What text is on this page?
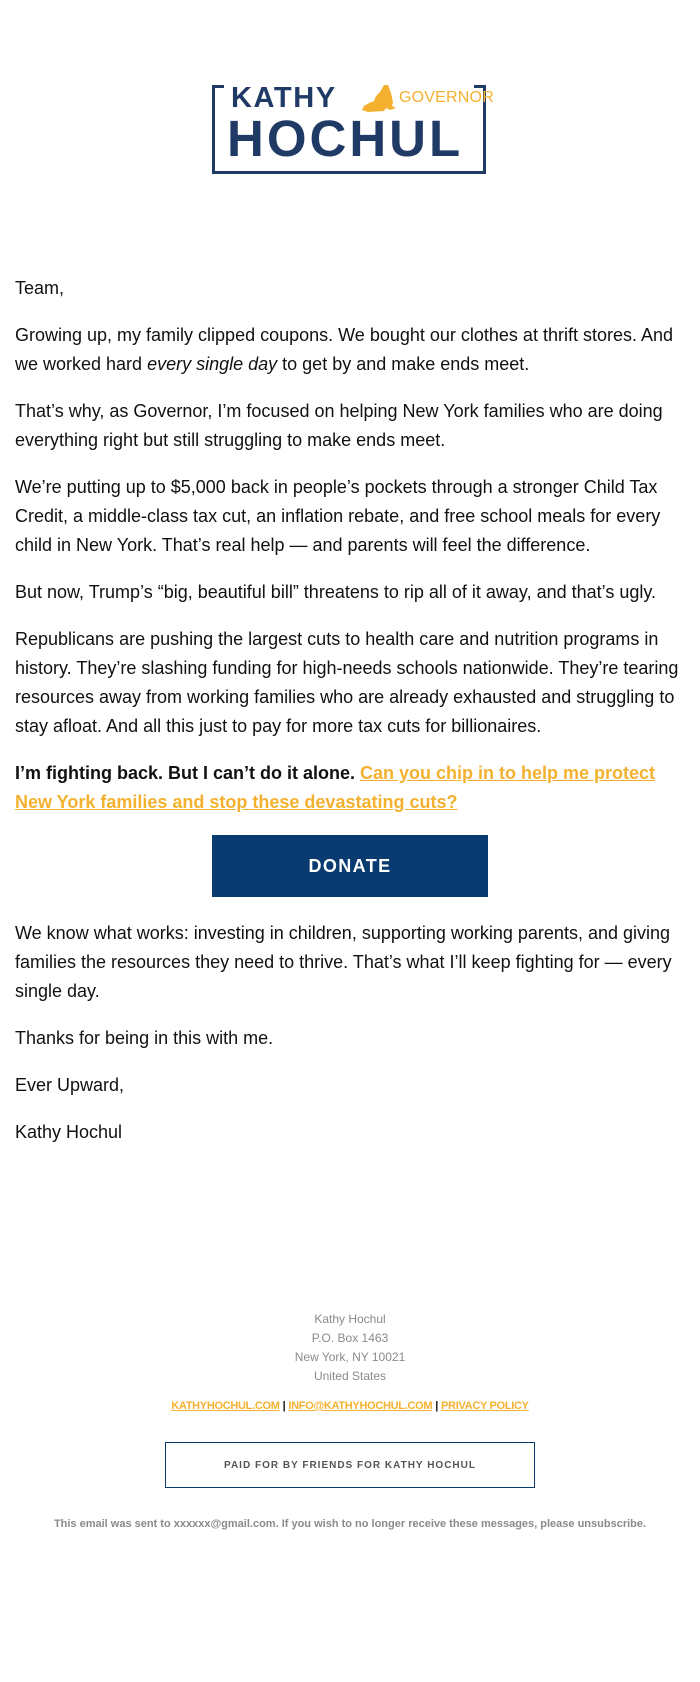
KATHY	GOVERNOR
HOCHUL

Team,

Growing up, my family clipped coupons. We bought our clothes at thrift stores. And we worked hard every single day to get by and make ends meet.

That’s why, as Governor, I’m focused on helping New York families who are doing everything right but still struggling to make ends meet.

We’re putting up to $5,000 back in people’s pockets through a stronger Child Tax Credit, a middle-class tax cut, an inflation rebate, and free school meals for every child in New York. That’s real help — and parents will feel the difference.

But now, Trump’s “big, beautiful bill” threatens to rip all of it away, and that’s ugly.

Republicans are pushing the largest cuts to health care and nutrition programs in history. They’re slashing funding for high-needs schools nationwide. They’re tearing resources away from working families who are already exhausted and struggling to stay afloat. And all this just to pay for more tax cuts for billionaires.

I’m fighting back. But I can’t do it alone. Can you chip in to help me protect New York families and stop these devastating cuts?

DONATE

We know what works: investing in children, supporting working parents, and giving families the resources they need to thrive. That’s what I’ll keep fighting for — every single day.

Thanks for being in this with me.

Ever Upward,

Kathy Hochul

Kathy Hochul
P.O. Box 1463
New York, NY 10021
United States
KATHYHOCHUL.COM | INFO@KATHYHOCHUL.COM | PRIVACY POLICY
PAID FOR BY FRIENDS FOR KATHY HOCHUL
This email was sent to xxxxxx@gmail.com. If you wish to no longer receive these messages, please unsubscribe.
